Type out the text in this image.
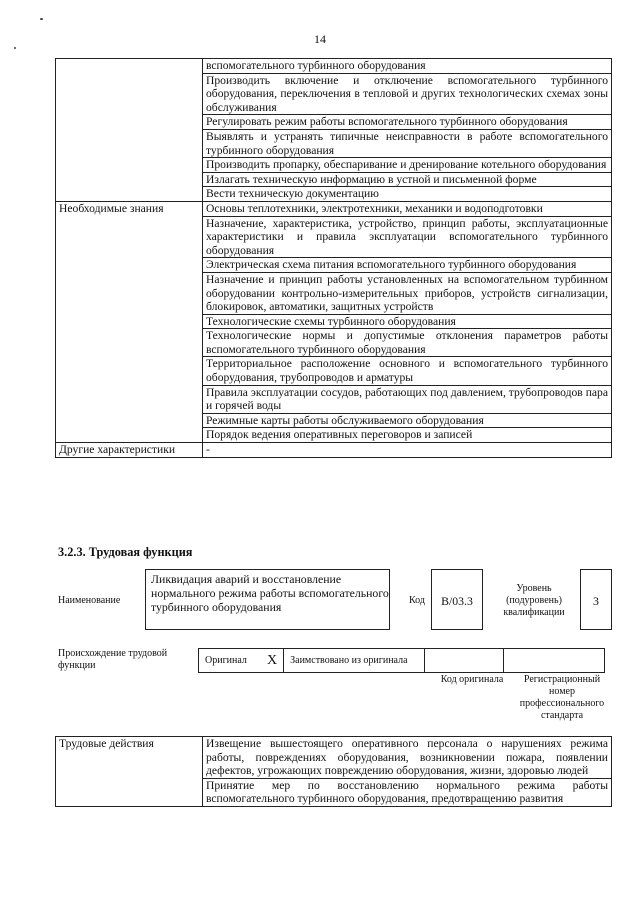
14
	вспомогательного турбинного оборудования
	Производить включение и отключение вспомогательного турбинного оборудования, переключения в тепловой и других технологических схемах зоны обслуживания
	Регулировать режим работы вспомогательного турбинного оборудования
	Выявлять и устранять типичные неисправности в работе вспомогательного турбинного оборудования
	Производить пропарку, обеспаривание и дренирование котельного оборудования
	Излагать техническую информацию в устной и письменной форме
	Вести техническую документацию
Необходимые знания	Основы теплотехники, электротехники, механики и водоподготовки
	Назначение, характеристика, устройство, принцип работы, эксплуатационные характеристики и правила эксплуатации вспомогательного турбинного оборудования
	Электрическая схема питания вспомогательного турбинного оборудования
	Назначение и принцип работы установленных на вспомогательном турбинном оборудовании контрольно-измерительных приборов, устройств сигнализации, блокировок, автоматики, защитных устройств
	Технологические схемы турбинного оборудования
	Технологические нормы и допустимые отклонения параметров работы вспомогательного турбинного оборудования
	Территориальное расположение основного и вспомогательного турбинного оборудования, трубопроводов и арматуры
	Правила эксплуатации сосудов, работающих под давлением, трубопроводов пара и горячей воды
	Режимные карты работы обслуживаемого оборудования
	Порядок ведения оперативных переговоров и записей
Другие характеристики	-
3.2.3. Трудовая функция
Наименование
Ликвидация аварий и восстановление нормального режима работы вспомогательного турбинного оборудования	Код	В/03.3
Уровень (подуровень) квалификации
3
Происхождение трудовой функции	Оригинал	X	Заимствовано из оригинала		
Код оригинала	Регистрационный номер профессионального стандарта
Трудовые действия	Извещение вышестоящего оперативного персонала о нарушениях режима работы, повреждениях оборудования, возникновении пожара, появлении дефектов, угрожающих повреждению оборудования, жизни, здоровью людей
Принятие мер по восстановлению нормального режима работы вспомогательного турбинного оборудования, предотвращению развития
